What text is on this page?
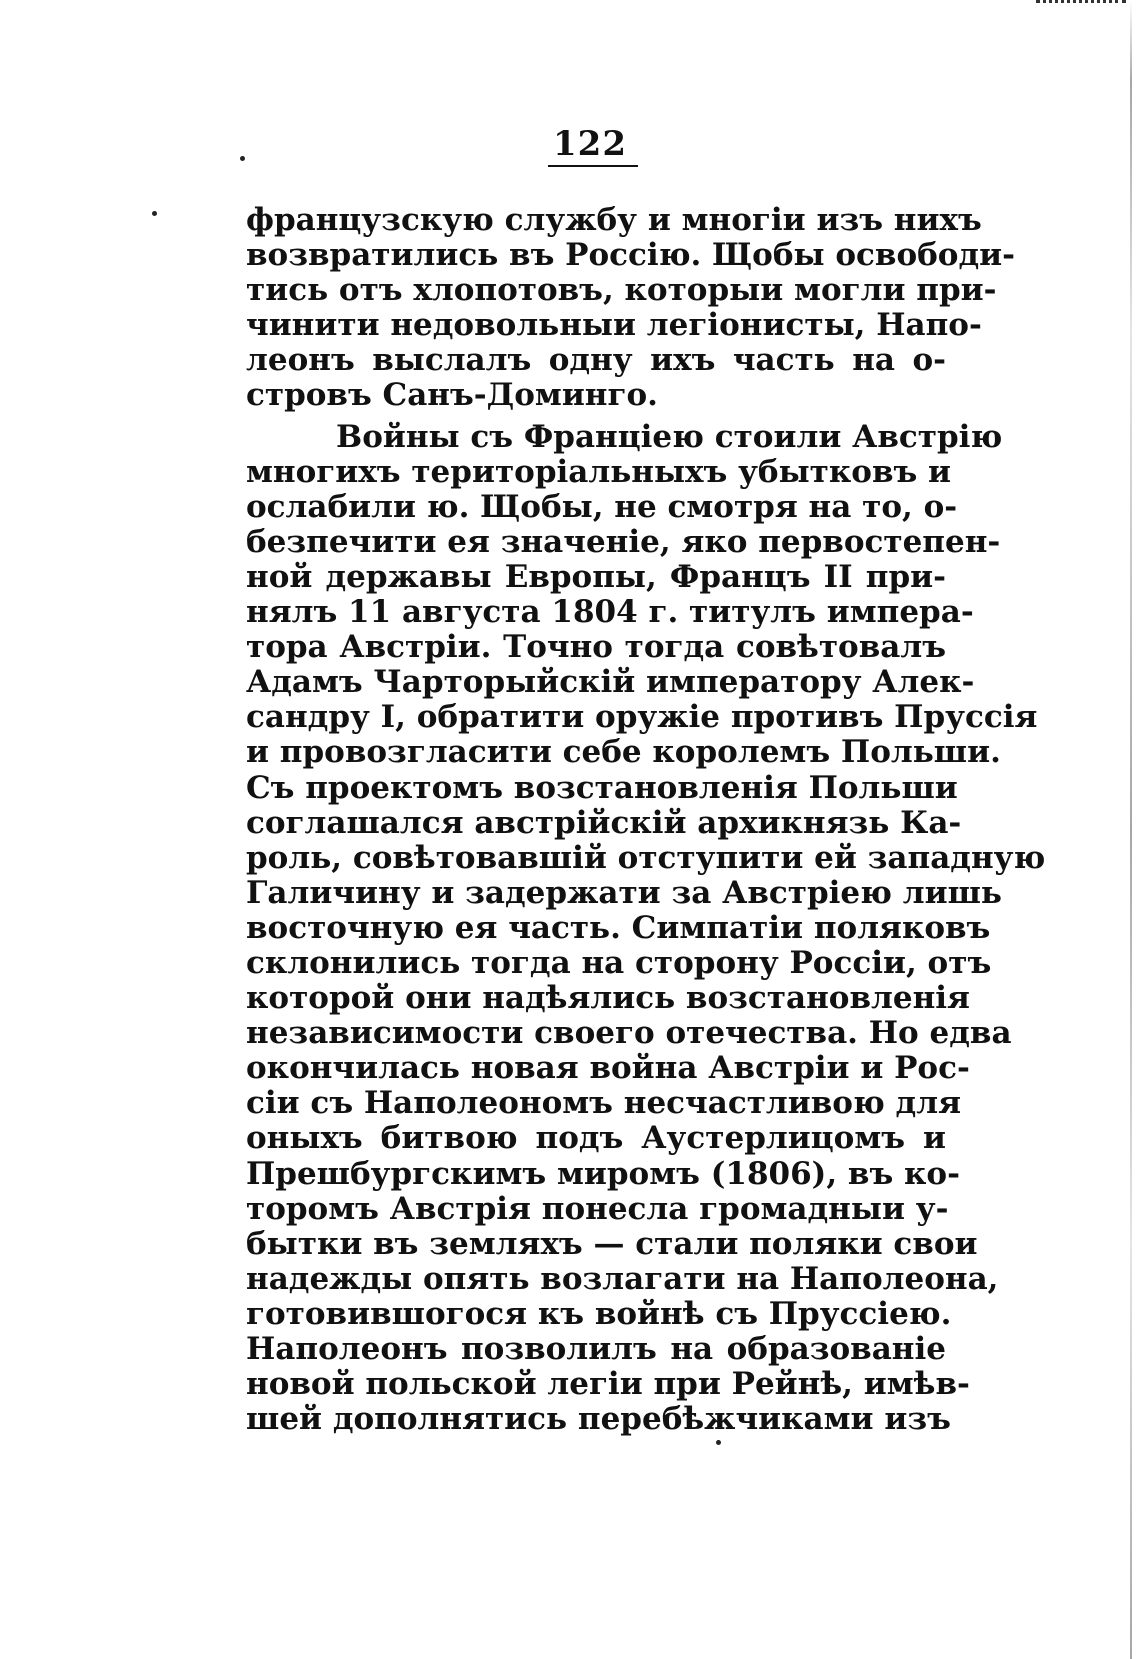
122
французскую службу и многіи изъ нихъ
возвратились въ Россію. Щобы освободи-
тись отъ хлопотовъ, которыи могли при-
чинити недовольныи легіонисты, Напо-
леонъ выслалъ одну ихъ часть на о-
стровъ Санъ-Доминго.
Войны съ Франціею стоили Австрію
многихъ територіальныхъ убытковъ и
ослабили ю. Щобы, не смотря на то, о-
безпечити ея значеніе, яко первостепен-
ной державы Европы, Францъ II при-
нялъ 11 августа 1804 г. титулъ импера-
тора Австріи. Точно тогда совѣтовалъ
Адамъ Чарторыйскій императору Алек-
сандру I, обратити оружіе противъ Пруссія
и провозгласити себе королемъ Польши.
Съ проектомъ возстановленія Польши
соглашался австрійскій архикнязь Ка-
роль, совѣтовавшій отступити ей западную
Галичину и задержати за Австріею лишь
восточную ея часть. Симпатіи поляковъ
склонились тогда на сторону Россіи, отъ
которой они надѣялись возстановленія
независимости своего отечества. Но едва
окончилась новая война Австріи и Рос-
сіи съ Наполеономъ несчастливою для
оныхъ битвою подъ Аустерлицомъ и
Прешбургскимъ миромъ (1806), въ ко-
торомъ Австрія понесла громадныи у-
бытки въ земляхъ — стали поляки свои
надежды опять возлагати на Наполеона,
готовившогося къ войнѣ съ Пруссіею.
Наполеонъ позволилъ на образованіе
новой польской легіи при Рейнѣ, имѣв-
шей дополнятись перебѣжчиками изъ
